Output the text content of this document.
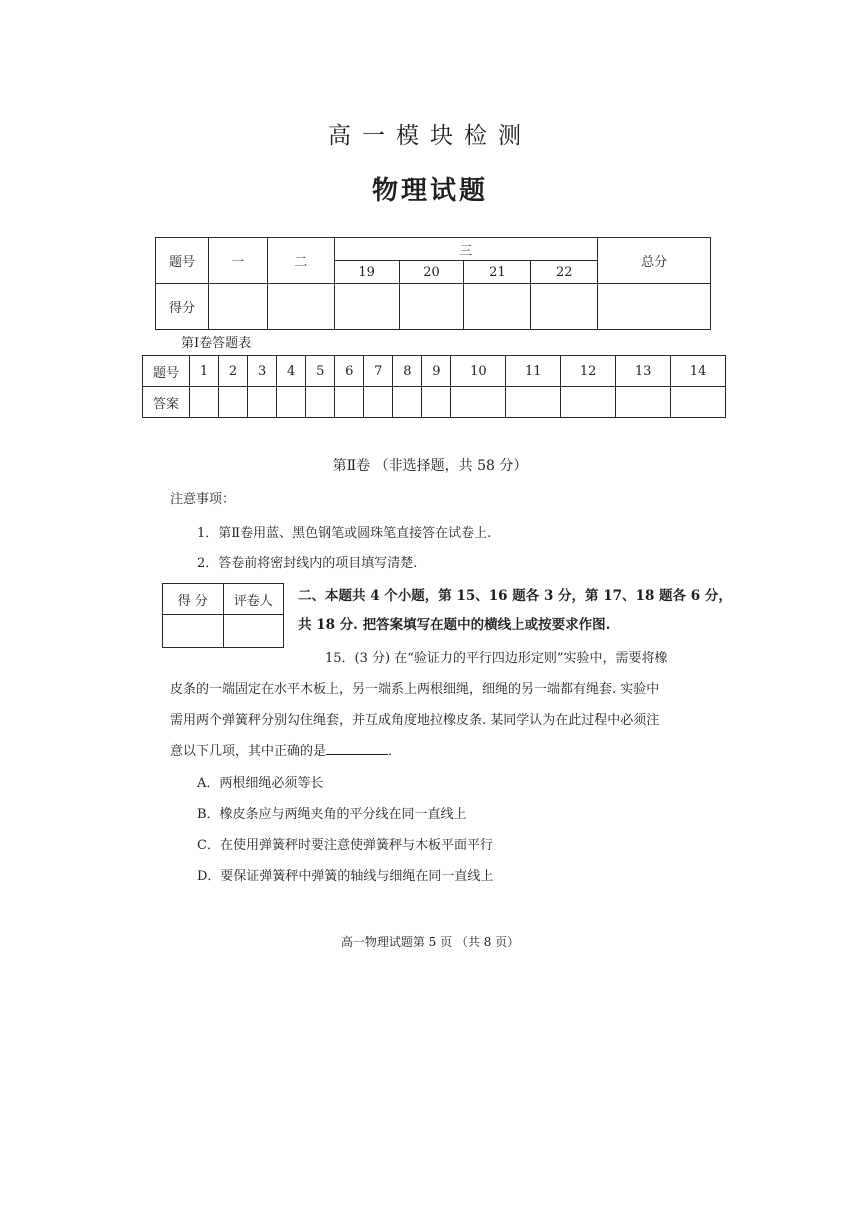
高一模块检测
物理试题
题号	一	二	三				总分
			19	20	21	22	
得分							
第Ⅰ卷答题表
题号	1	2	3	4	5	6	7	8	9	10	11	12	13	14
答案														
第Ⅱ卷 （非选择题，共 58 分）
注意事项：
1．第Ⅱ卷用蓝、黑色钢笔或圆珠笔直接答在试卷上.
2．答卷前将密封线内的项目填写清楚.
得 分	评卷人
	二、本题共 4 个小题，第 15、16 题各 3 分，第 17、18 题各 6 分，
共 18 分. 把答案填写在题中的横线上或按要求作图.
15．(3 分) 在“验证力的平行四边形定则”实验中，需要将橡
皮条的一端固定在水平木板上，另一端系上两根细绳，细绳的另一端都有绳套. 实验中
需用两个弹簧秤分别勾住绳套，并互成角度地拉橡皮条. 某同学认为在此过程中必须注
意以下几项，其中正确的是	．
A．两根细绳必须等长
B．橡皮条应与两绳夹角的平分线在同一直线上
C．在使用弹簧秤时要注意使弹簧秤与木板平面平行
D．要保证弹簧秤中弹簧的轴线与细绳在同一直线上
高一物理试题第 5 页 （共 8 页）
